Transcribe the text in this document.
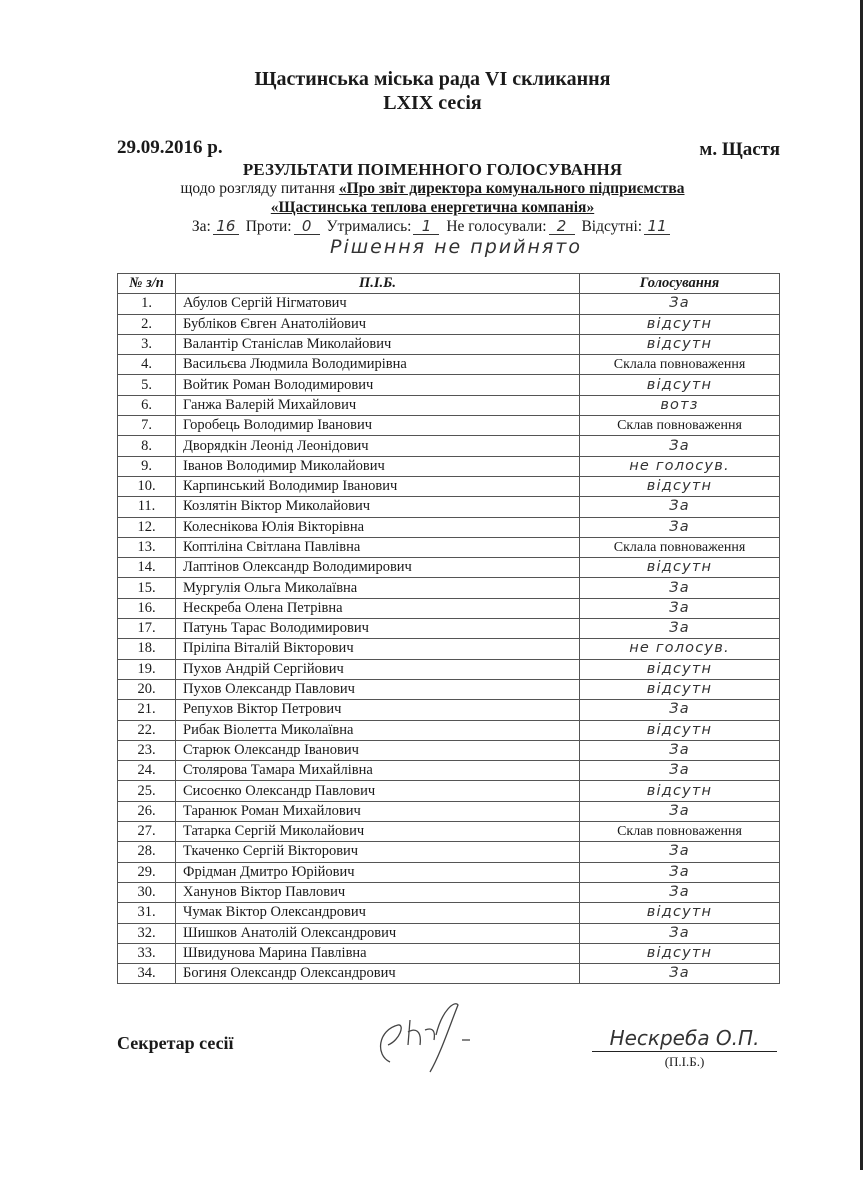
Щастинська міська рада VI скликання
LXIX сесія
29.09.2016 р.	м. Щастя
РЕЗУЛЬТАТИ ПОІМЕННОГО ГОЛОСУВАННЯ
щодо розгляду питання «Про звіт директора комунального підприємства
«Щастинська теплова енергетична компанія»
За: 16 Проти: 0 Утримались: 1 Не голосували: 2 Відсутні: 11
Рішення не прийнято
№ з/п	П.І.Б.	Голосування
1.	Абулов Сергій Нігматович	За
2.	Бубліков Євген Анатолійович	відсутн
3.	Валантір Станіслав Миколайович	відсутн
4.	Васильєва Людмила Володимирівна	Склала повноваження
5.	Войтик Роман Володимирович	відсутн
6.	Ганжа Валерій Михайлович	вотз
7.	Горобець Володимир Іванович	Склав повноваження
8.	Дворядкін Леонід Леонідович	За
9.	Іванов Володимир Миколайович	не голосув.
10.	Карпинський Володимир Іванович	відсутн
11.	Козлятін Віктор Миколайович	За
12.	Колеснікова Юлія Вікторівна	За
13.	Коптіліна Світлана Павлівна	Склала повноваження
14.	Лаптінов Олександр Володимирович	відсутн
15.	Мургулія Ольга Миколаївна	За
16.	Нескреба Олена Петрівна	За
17.	Патунь Тарас Володимирович	За
18.	Пріліпа Віталій Вікторович	не голосув.
19.	Пухов Андрій Сергійович	відсутн
20.	Пухов Олександр Павлович	відсутн
21.	Репухов Віктор Петрович	За
22.	Рибак Віолетта Миколаївна	відсутн
23.	Старюк Олександр Іванович	За
24.	Столярова Тамара Михайлівна	За
25.	Сисоєнко Олександр Павлович	відсутн
26.	Таранюк Роман Михайлович	За
27.	Татарка Сергій Миколайович	Склав повноваження
28.	Ткаченко Сергій Вікторович	За
29.	Фрідман Дмитро Юрійович	За
30.	Ханунов Віктор Павлович	За
31.	Чумак Віктор Олександрович	відсутн
32.	Шишков Анатолій Олександрович	За
33.	Швидунова Марина Павлівна	відсутн
34.	Богиня Олександр Олександрович	За
Секретар сесії	Нескреба О.П.
(П.І.Б.)
